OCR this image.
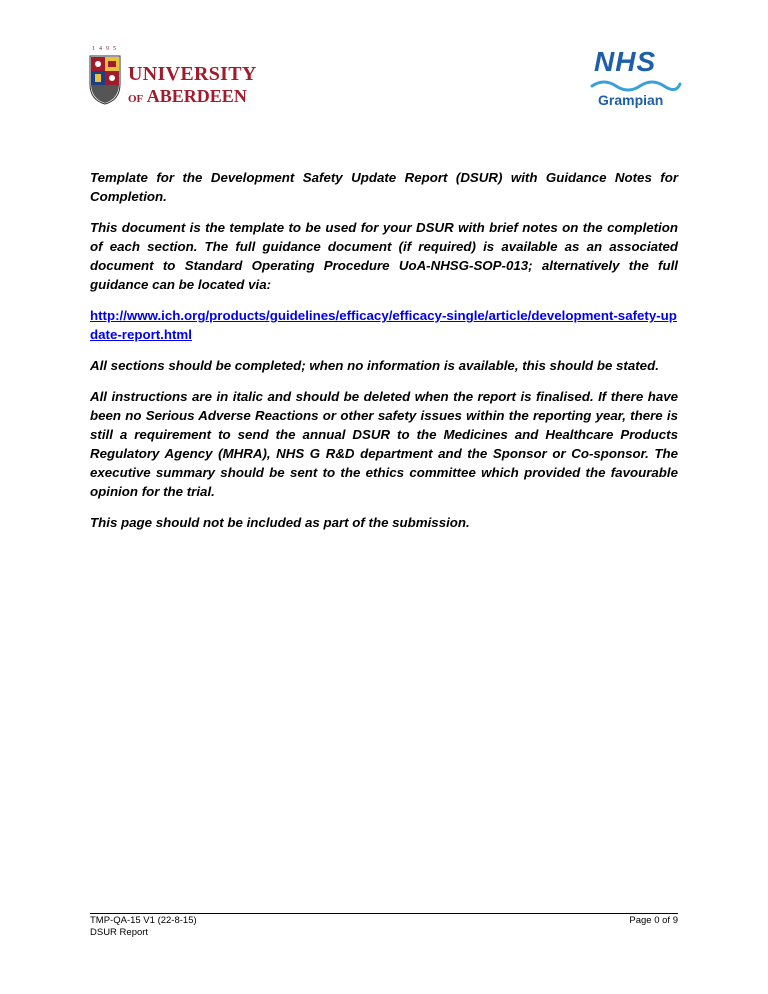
1495
UNIVERSITY
OF ABERDEEN
NHS
Grampian

Template for the Development Safety Update Report (DSUR) with Guidance Notes for Completion.

This document is the template to be used for your DSUR with brief notes on the completion of each section. The full guidance document (if required) is available as an associated document to Standard Operating Procedure UoA-NHSG-SOP-013; alternatively the full guidance can be located via:

http://www.ich.org/products/guidelines/efficacy/efficacy-single/article/development-safety-update-report.html

All sections should be completed; when no information is available, this should be stated.

All instructions are in italic and should be deleted when the report is finalised. If there have been no Serious Adverse Reactions or other safety issues within the reporting year, there is still a requirement to send the annual DSUR to the Medicines and Healthcare Products Regulatory Agency (MHRA), NHS G R&D department and the Sponsor or Co-sponsor. The executive summary should be sent to the ethics committee which provided the favourable opinion for the trial.

This page should not be included as part of the submission.

TMP-QA-15 V1 (22-8-15)
DSUR Report
Page 0 of 9
